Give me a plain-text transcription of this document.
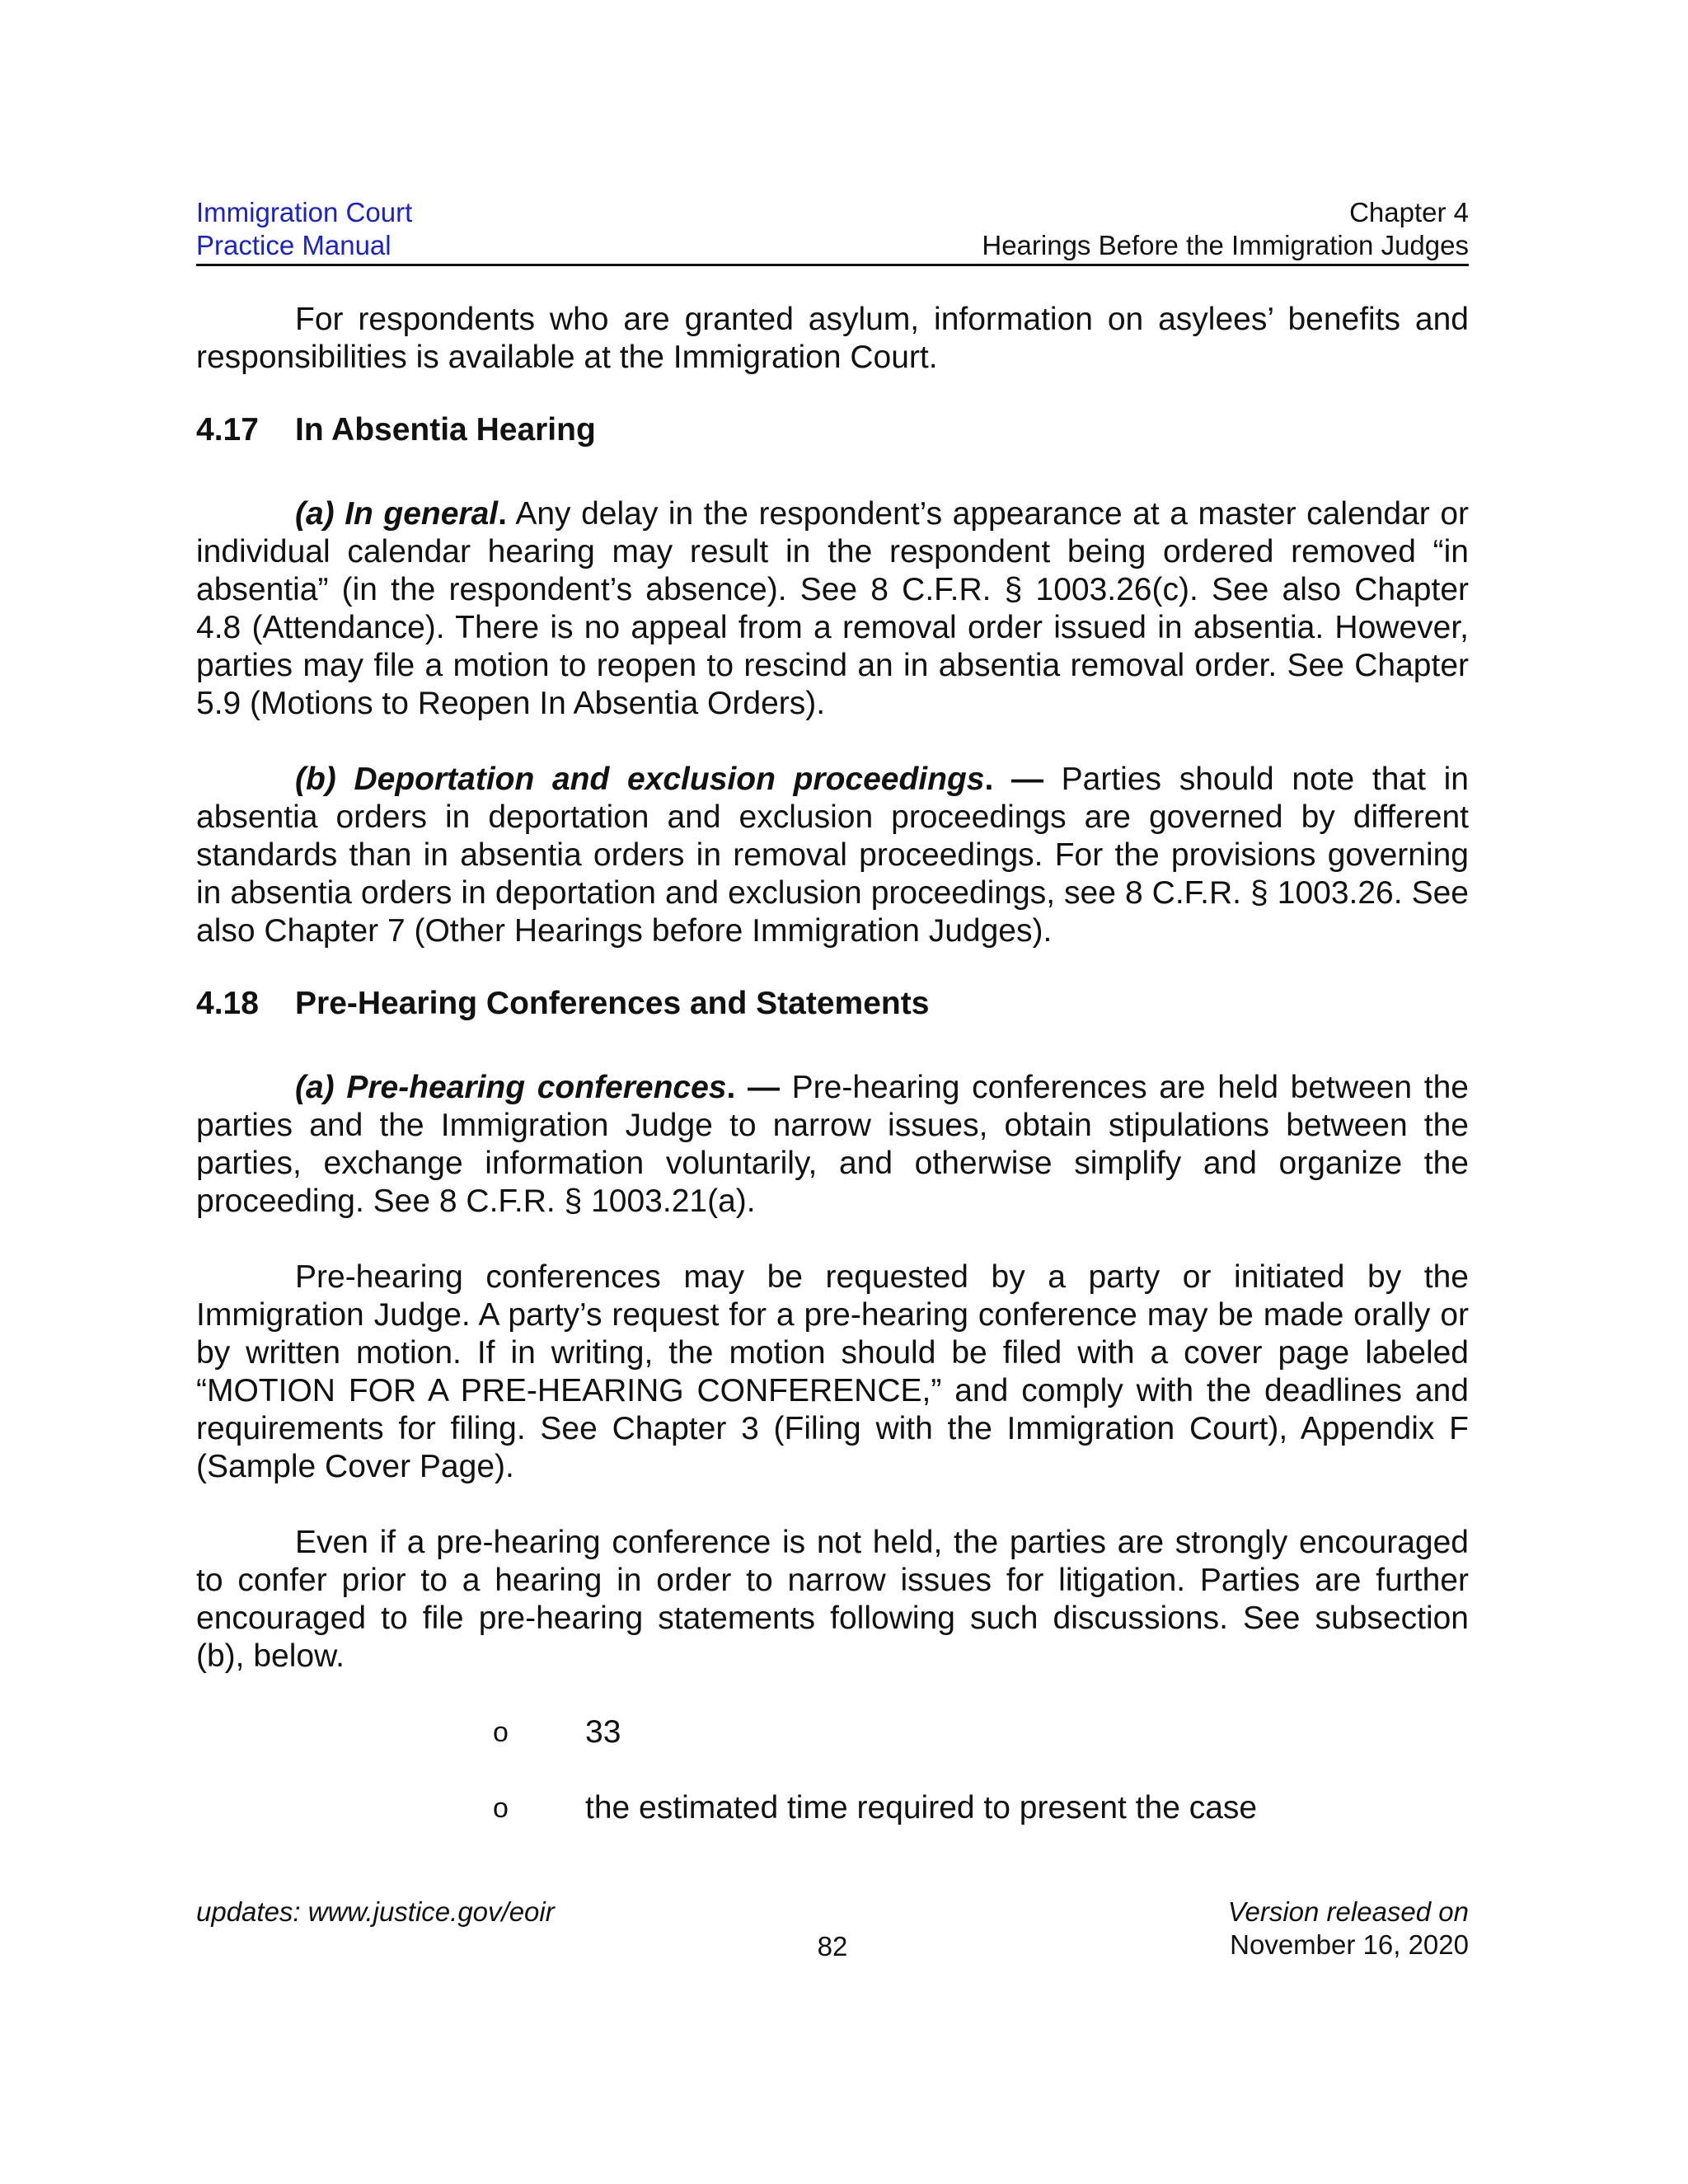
Immigration Court
Practice Manual
Chapter 4
Hearings Before the Immigration Judges

For respondents who are granted asylum, information on asylees’ benefits and responsibilities is available at the Immigration Court.

4.17	In Absentia Hearing

(a) In general. Any delay in the respondent’s appearance at a master calendar or individual calendar hearing may result in the respondent being ordered removed “in absentia” (in the respondent’s absence). See 8 C.F.R. § 1003.26(c). See also Chapter 4.8 (Attendance). There is no appeal from a removal order issued in absentia. However, parties may file a motion to reopen to rescind an in absentia removal order. See Chapter 5.9 (Motions to Reopen In Absentia Orders).

(b) Deportation and exclusion proceedings. — Parties should note that in absentia orders in deportation and exclusion proceedings are governed by different standards than in absentia orders in removal proceedings. For the provisions governing in absentia orders in deportation and exclusion proceedings, see 8 C.F.R. § 1003.26. See also Chapter 7 (Other Hearings before Immigration Judges).

4.18	Pre-Hearing Conferences and Statements

(a) Pre-hearing conferences. — Pre-hearing conferences are held between the parties and the Immigration Judge to narrow issues, obtain stipulations between the parties, exchange information voluntarily, and otherwise simplify and organize the proceeding. See 8 C.F.R. § 1003.21(a).

Pre-hearing conferences may be requested by a party or initiated by the Immigration Judge. A party’s request for a pre-hearing conference may be made orally or by written motion. If in writing, the motion should be filed with a cover page labeled “MOTION FOR A PRE-HEARING CONFERENCE,” and comply with the deadlines and requirements for filing. See Chapter 3 (Filing with the Immigration Court), Appendix F (Sample Cover Page).

Even if a pre-hearing conference is not held, the parties are strongly encouraged to confer prior to a hearing in order to narrow issues for litigation. Parties are further encouraged to file pre-hearing statements following such discussions. See subsection (b), below.

o	33
o	the estimated time required to present the case
updates: www.justice.gov/eoir
82
Version released on
November 16, 2020
